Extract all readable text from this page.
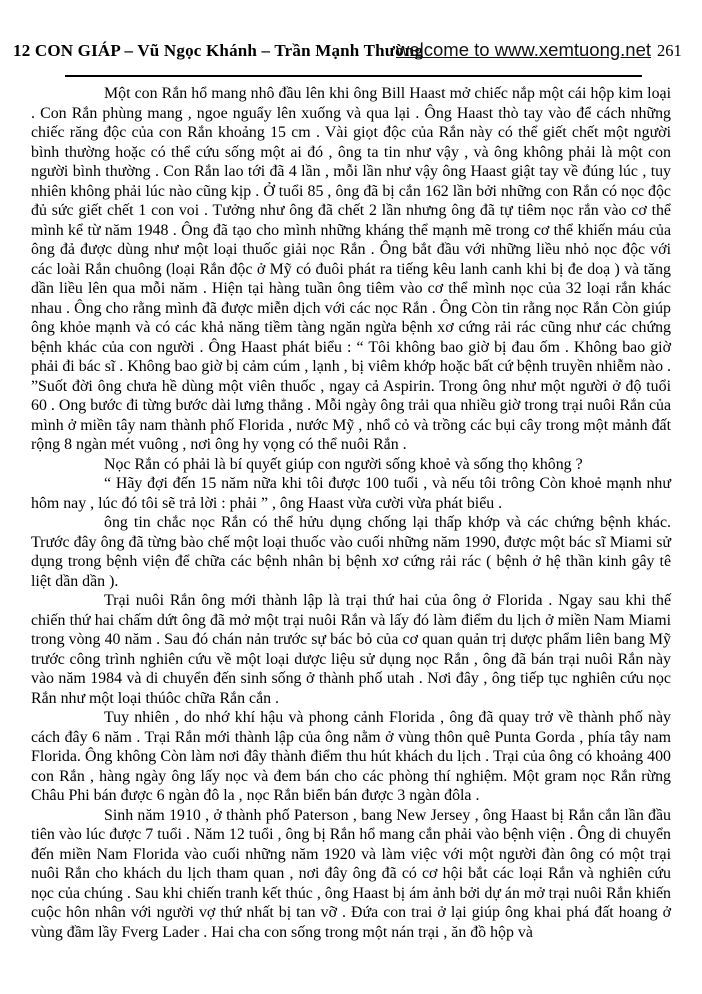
12 CON GIÁP – Vũ Ngọc Khánh – Trần Mạnh Thường
welcome to www.xemtuong.net 261

Một con Rắn hổ mang nhô đầu lên khi ông Bill Haast mở chiếc nắp một cái hộp kim loại . Con Rắn phùng mang , ngoe nguẩy lên xuống và qua lại . Ông Haast thò tay vào để cách những chiếc răng độc của con Rắn khoảng 15 cm . Vài giọt độc của Rắn này có thể giết chết một người bình thường hoặc có thể cứu sống một ai đó , ông ta tin như vậy , và ông không phải là một con người bình thường . Con Rắn lao tới đã 4 lần , mỗi lần như vậy ông Haast giật tay về đúng lúc , tuy nhiên không phải lúc nào cũng kịp . Ở tuổi 85 , ông đã bị cắn 162 lần bởi những con Rắn có nọc độc đủ sức giết chết 1 con voi . Tưởng như ông đã chết 2 lần nhưng ông đã tự tiêm nọc rắn vào cơ thể mình kể từ năm 1948 . Ông đã tạo cho mình những kháng thể mạnh mẽ trong cơ thể khiến máu của ông đả được dùng như một loại thuốc giải nọc Rắn . Ông bắt đầu với những liều nhỏ nọc độc với các loài Rắn chuông (loại Rắn độc ở Mỹ có đuôi phát ra tiếng kêu lanh canh khi bị đe doạ ) và tăng dần liều lên qua mỗi năm . Hiện tại hàng tuần ông tiêm vào cơ thể mình nọc của 32 loại rắn khác nhau . Ông cho rằng mình đã được miễn dịch với các nọc Rắn . Ông Còn tin rằng nọc Rắn Còn giúp ông khỏe mạnh và có các khả năng tiềm tàng ngăn ngừa bệnh xơ cứng rải rác cũng như các chứng bệnh khác của con người . Ông Haast phát biểu : “ Tôi không bao giờ bị đau ốm . Không bao giờ phải đi bác sĩ . Không bao giờ bị cảm cúm , lạnh , bị viêm khớp hoặc bất cứ bệnh truyền nhiễm nào . ”Suốt đời ông chưa hề dùng một viên thuốc , ngay cả Aspirin. Trong ông như một người ở độ tuổi 60 . Ong bước đi từng bước dài lưng thẳng . Mỗi ngày ông trải qua nhiều giờ trong trại nuôi Rắn của mình ở miền tây nam thành phố Florida , nước Mỹ , nhổ cỏ và trồng các bụi cây trong một mảnh đất rộng 8 ngàn mét vuông , nơi ông hy vọng có thể nuôi Rắn .

Nọc Rắn có phải là bí quyết giúp con người sống khoẻ và sống thọ không ?

“ Hãy đợi đến 15 năm nữa khi tôi được 100 tuổi , và nếu tôi trông Còn khoẻ mạnh như hôm nay , lúc đó tôi sẽ trả lời : phải ” , ông Haast vừa cười vừa phát biểu .

ông tin chắc nọc Rắn có thể hửu dụng chống lại thấp khớp và các chứng bệnh khác. Trước đây ông đã từng bào chế một loại thuốc vào cuối những năm 1990, được một bác sĩ Miami sử dụng trong bệnh viện để chữa các bệnh nhân bị bệnh xơ cứng rải rác ( bệnh ở hệ thần kinh gây tê liệt dần dần ).

Trại nuôi Rắn ông mới thành lập là trại thứ hai của ông ở Florida . Ngay sau khi thế chiến thứ hai chấm dứt ông đã mở một trại nuôi Rắn và lấy đó làm điểm du lịch ở miền Nam Miami trong vòng 40 năm . Sau đó chán nản trước sự bác bỏ của cơ quan quản trị dược phẩm liên bang Mỹ trước công trình nghiên cứu về một loại dược liệu sử dụng nọc Rắn , ông đã bán trại nuôi Rắn này vào năm 1984 và di chuyển đến sinh sống ở thành phố utah . Nơi đây , ông tiếp tục nghiên cứu nọc Rắn như một loại thúôc chữa Rắn cắn .

Tuy nhiên , do nhớ khí hậu và phong cảnh Florida , ông đã quay trở về thành phố này cách đây 6 năm . Trại Rắn mới thành lập của ông nằm ở vùng thôn quê Punta Gorda , phía tây nam Florida. Ông không Còn làm nơi đây thành điểm thu hút khách du lịch . Trại của ông có khoảng 400 con Rắn , hàng ngày ông lấy nọc và đem bán cho các phòng thí nghiệm. Một gram nọc Rắn rừng Châu Phi bán được 6 ngàn đô la , nọc Rắn biển bán được 3 ngàn đôla .

Sinh năm 1910 , ở thành phố Paterson , bang New Jersey , ông Haast bị Rắn cắn lần đầu tiên vào lúc được 7 tuổi . Năm 12 tuổi , ông bị Rắn hổ mang cắn phải vào bệnh viện . Ông di chuyển đến miền Nam Florida vào cuối những năm 1920 và làm việc với một người đàn ông có một trại nuôi Rắn cho khách du lịch tham quan , nơi đây ông đã có cơ hội bắt các loại Rắn và nghiên cứu nọc của chúng . Sau khi chiến tranh kết thúc , ông Haast bị ám ảnh bởi dự án mở trại nuôi Rắn khiến cuộc hôn nhân với người vợ thứ nhất bị tan vỡ . Đứa con trai ở lại giúp ông khai phá đất hoang ở vùng đầm lầy Fverg Lader . Hai cha con sống trong một nán trại , ăn đồ hộp và
